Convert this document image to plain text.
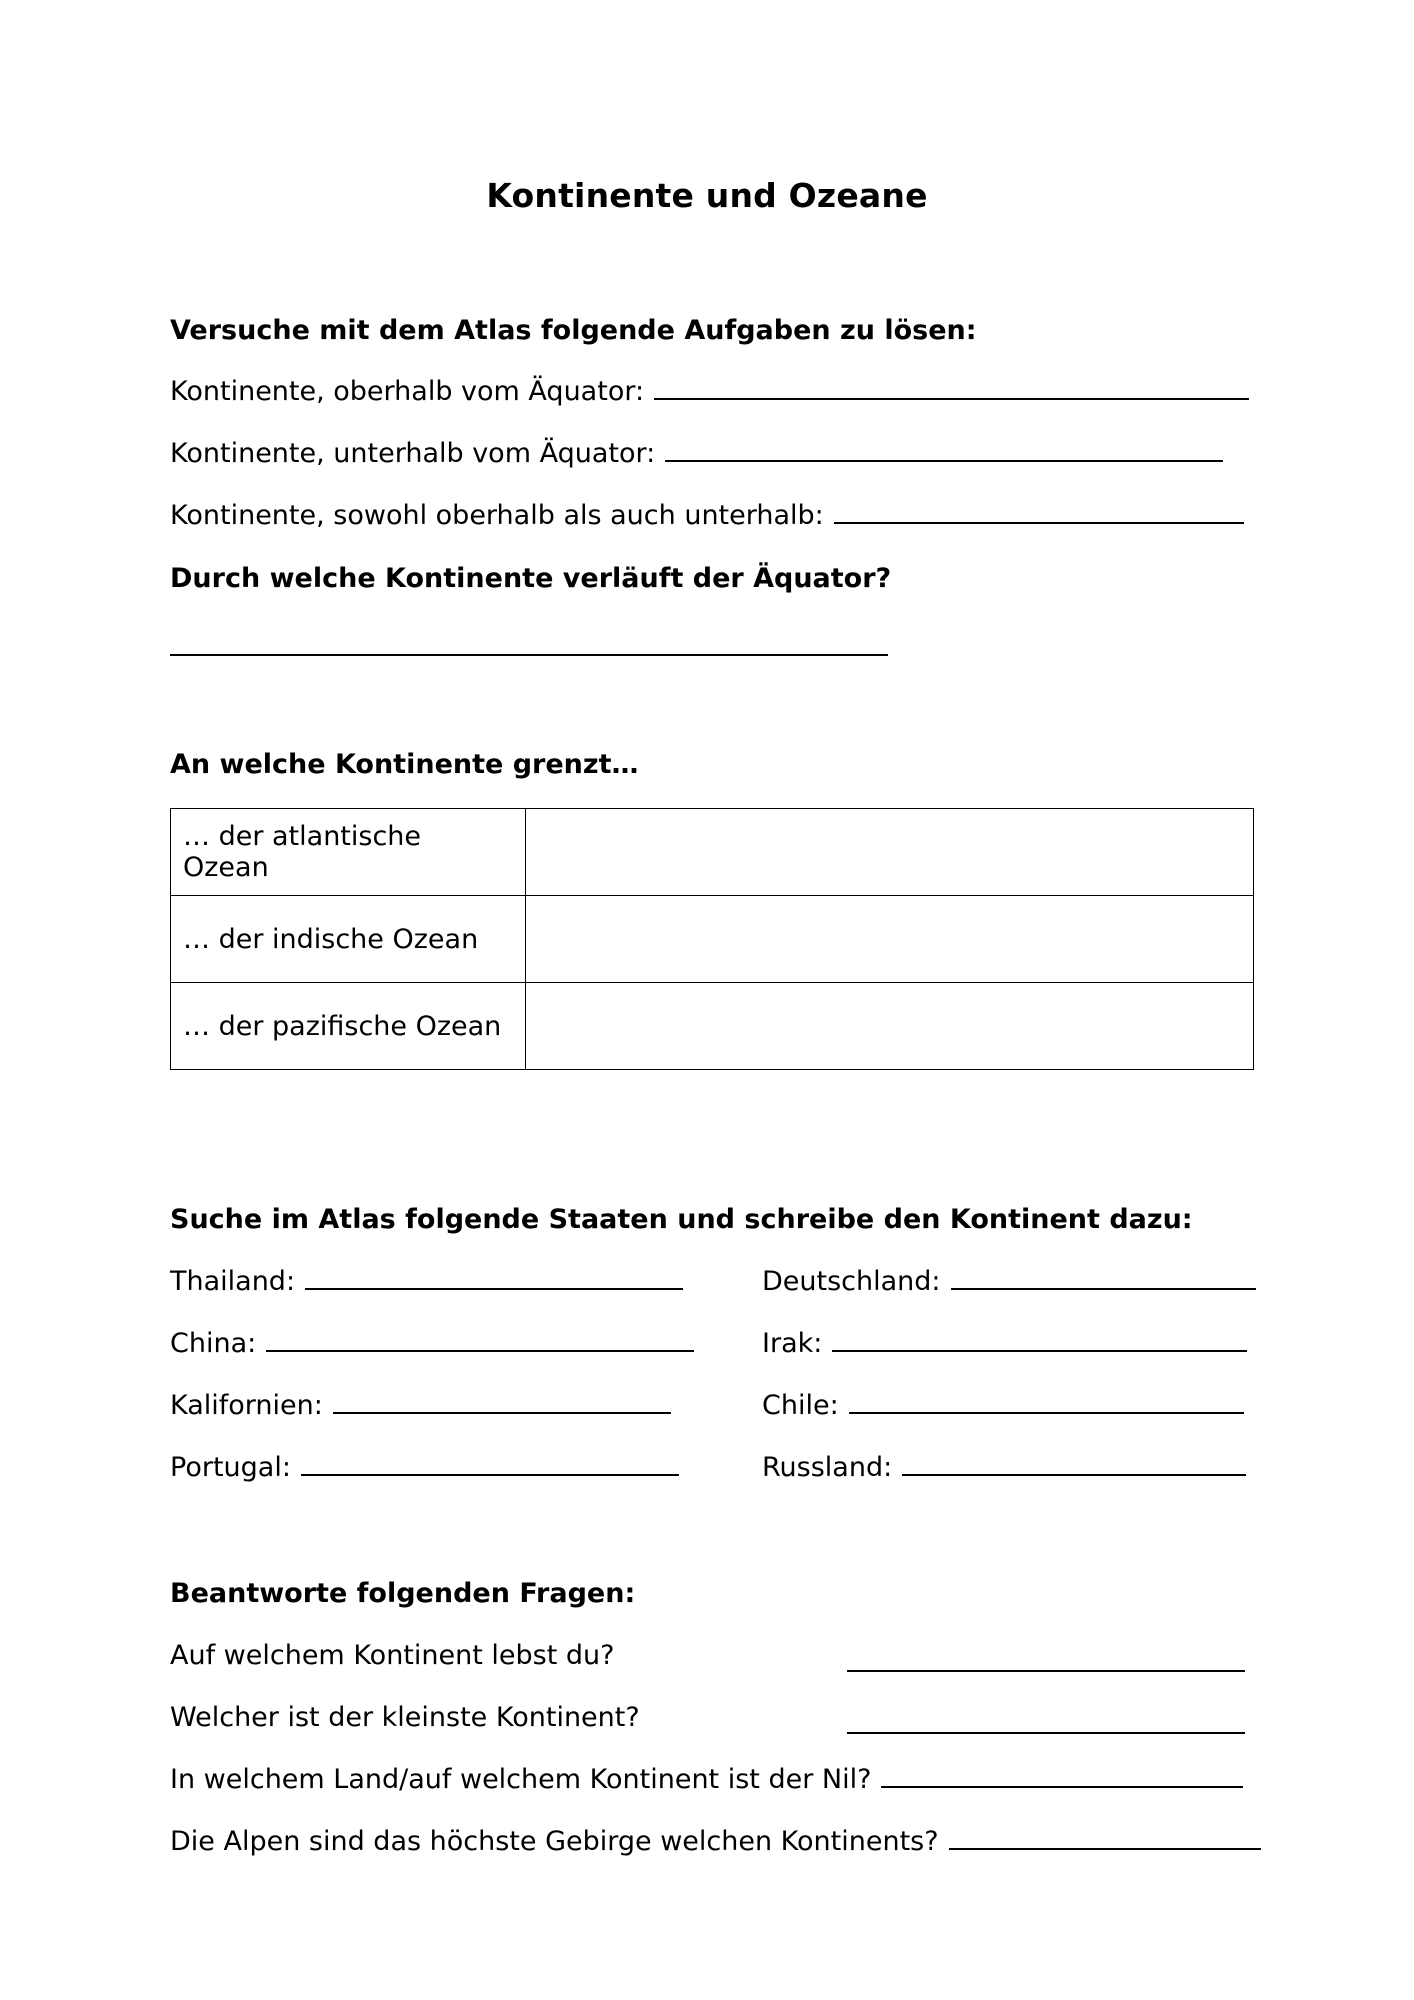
Kontinente und Ozeane
Versuche mit dem Atlas folgende Aufgaben zu lösen:
Kontinente, oberhalb vom Äquator:
Kontinente, unterhalb vom Äquator:
Kontinente, sowohl oberhalb als auch unterhalb:
Durch welche Kontinente verläuft der Äquator?
An welche Kontinente grenzt…
… der atlantische Ozean	
… der indische Ozean	
… der pazifische Ozean	
Suche im Atlas folgende Staaten und schreibe den Kontinent dazu:
Thailand:	Deutschland:
China:	Irak:
Kalifornien:	Chile:
Portugal:	Russland:
Beantworte folgenden Fragen:
Auf welchem Kontinent lebst du?
Welcher ist der kleinste Kontinent?
In welchem Land/auf welchem Kontinent ist der Nil?
Die Alpen sind das höchste Gebirge welchen Kontinents?
